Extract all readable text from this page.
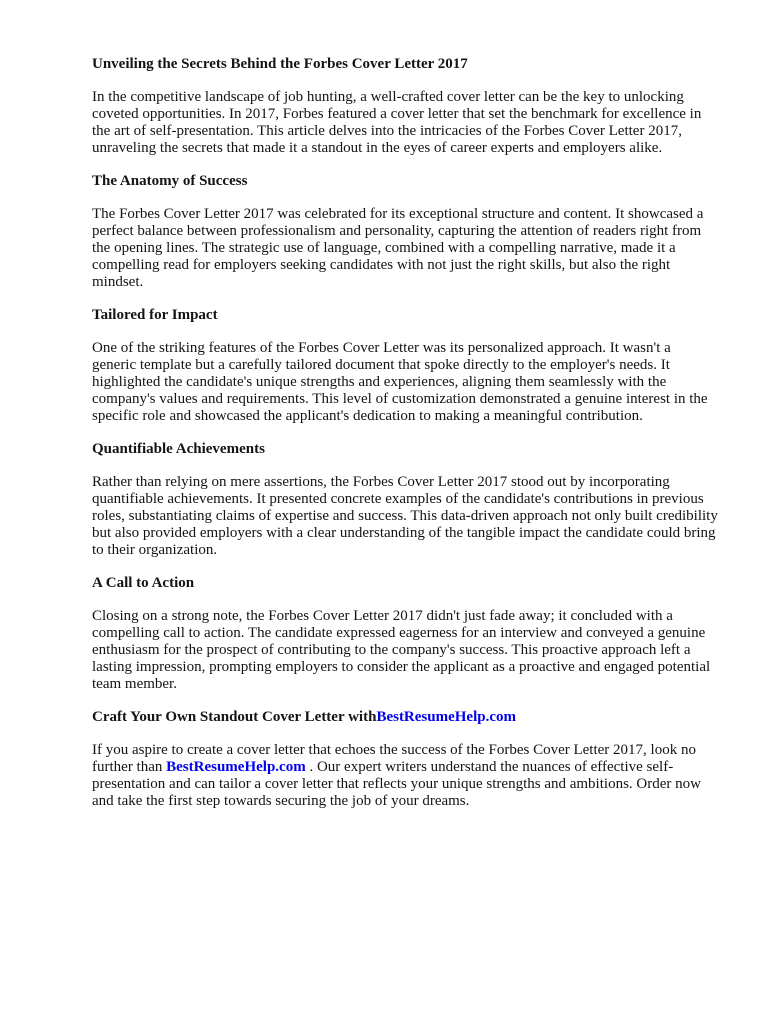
Unveiling the Secrets Behind the Forbes Cover Letter 2017

In the competitive landscape of job hunting, a well-crafted cover letter can be the key to unlocking coveted opportunities. In 2017, Forbes featured a cover letter that set the benchmark for excellence in the art of self-presentation. This article delves into the intricacies of the Forbes Cover Letter 2017, unraveling the secrets that made it a standout in the eyes of career experts and employers alike.

The Anatomy of Success

The Forbes Cover Letter 2017 was celebrated for its exceptional structure and content. It showcased a perfect balance between professionalism and personality, capturing the attention of readers right from the opening lines. The strategic use of language, combined with a compelling narrative, made it a compelling read for employers seeking candidates with not just the right skills, but also the right mindset.

Tailored for Impact

One of the striking features of the Forbes Cover Letter was its personalized approach. It wasn't a generic template but a carefully tailored document that spoke directly to the employer's needs. It highlighted the candidate's unique strengths and experiences, aligning them seamlessly with the company's values and requirements. This level of customization demonstrated a genuine interest in the specific role and showcased the applicant's dedication to making a meaningful contribution.

Quantifiable Achievements

Rather than relying on mere assertions, the Forbes Cover Letter 2017 stood out by incorporating quantifiable achievements. It presented concrete examples of the candidate's contributions in previous roles, substantiating claims of expertise and success. This data-driven approach not only built credibility but also provided employers with a clear understanding of the tangible impact the candidate could bring to their organization.

A Call to Action

Closing on a strong note, the Forbes Cover Letter 2017 didn't just fade away; it concluded with a compelling call to action. The candidate expressed eagerness for an interview and conveyed a genuine enthusiasm for the prospect of contributing to the company's success. This proactive approach left a lasting impression, prompting employers to consider the applicant as a proactive and engaged potential team member.

Craft Your Own Standout Cover Letter withBestResumeHelp.com

If you aspire to create a cover letter that echoes the success of the Forbes Cover Letter 2017, look no further than BestResumeHelp.com . Our expert writers understand the nuances of effective self-presentation and can tailor a cover letter that reflects your unique strengths and ambitions. Order now and take the first step towards securing the job of your dreams.
